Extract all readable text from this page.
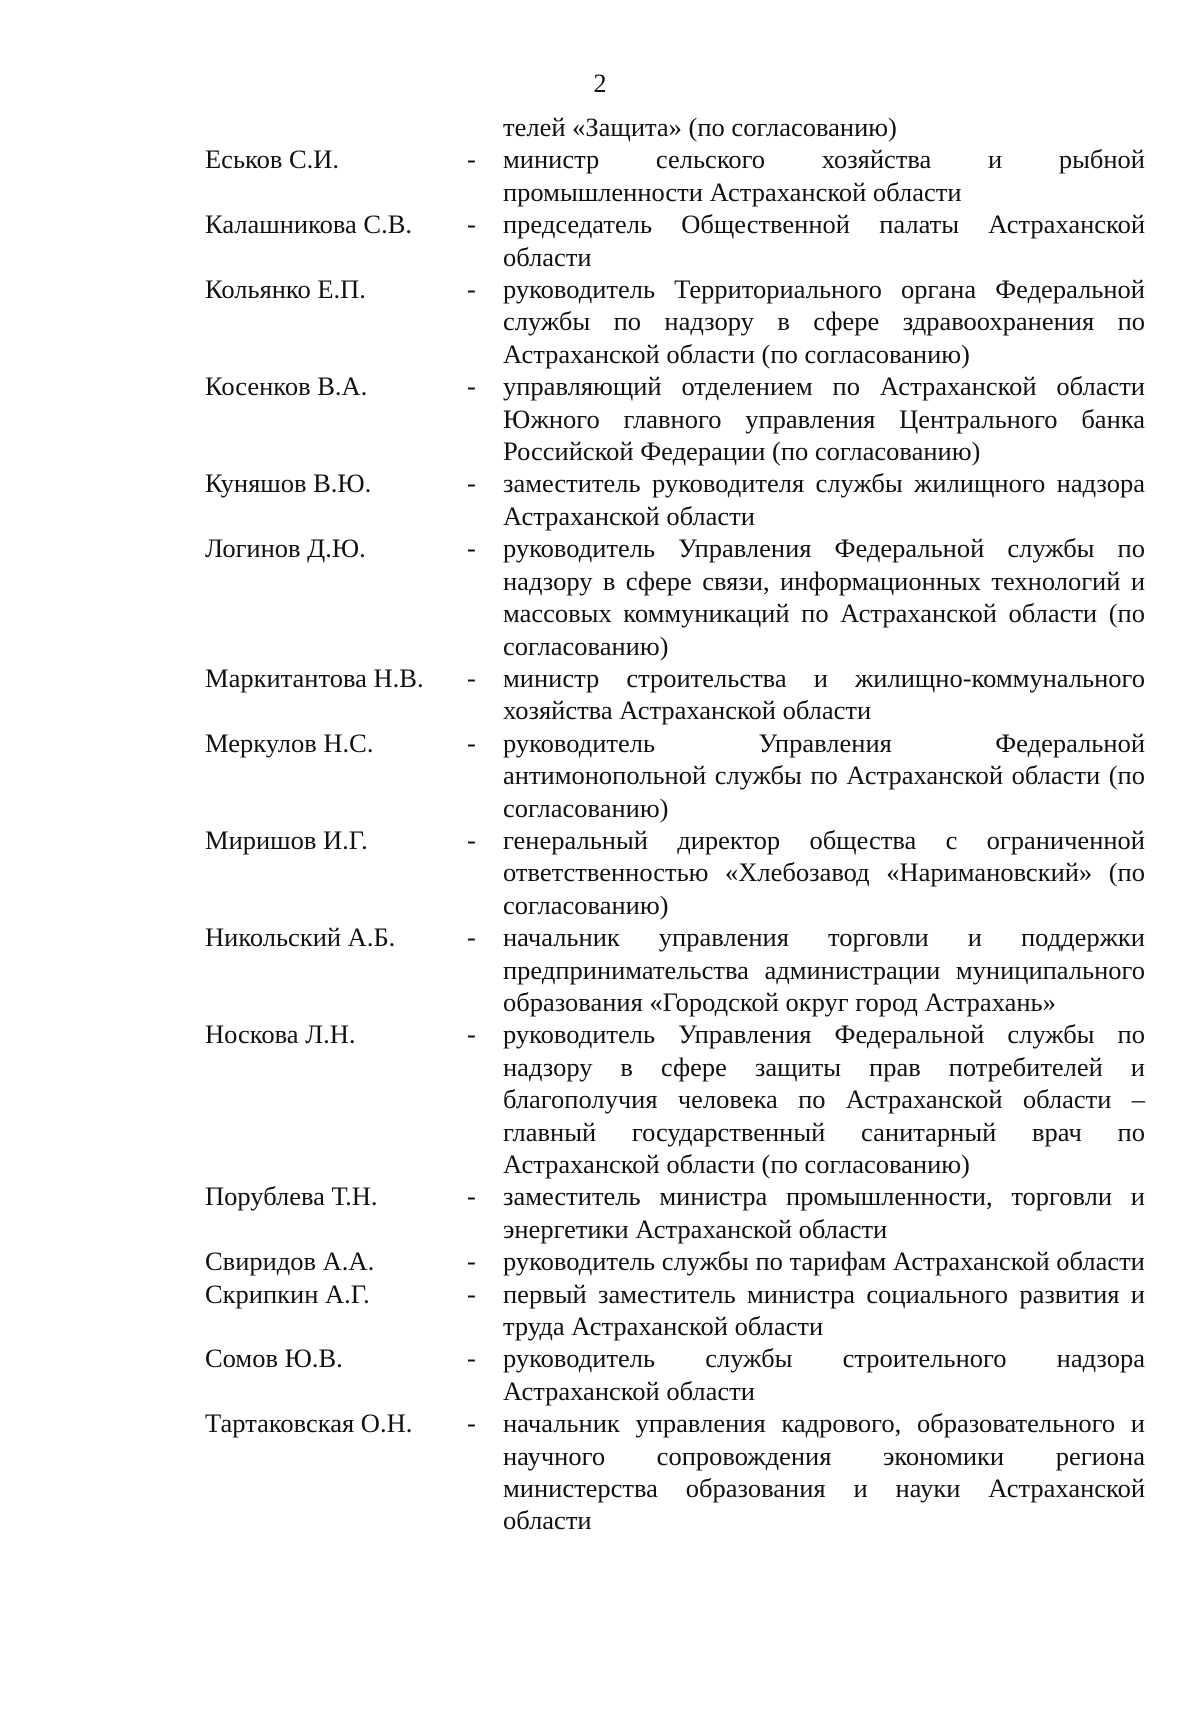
2
телей «Защита» (по согласованию)
Еськов С.И.	-	министр сельского хозяйства и рыбной промышленности Астраханской области
Калашникова С.В.	-	председатель Общественной палаты Астраханской области
Кольянко Е.П.	-	руководитель Территориального органа Федеральной службы по надзору в сфере здравоохранения по Астраханской области (по согласованию)
Косенков В.А.	-	управляющий отделением по Астраханской области Южного главного управления Центрального банка Российской Федерации (по согласованию)
Куняшов В.Ю.	-	заместитель руководителя службы жилищного надзора Астраханской области
Логинов Д.Ю.	-	руководитель Управления Федеральной службы по надзору в сфере связи, информационных технологий и массовых коммуникаций по Астраханской области (по согласованию)
Маркитантова Н.В.	-	министр строительства и жилищно-коммунального хозяйства Астраханской области
Меркулов Н.С.	-	руководитель Управления Федеральной антимонопольной службы по Астраханской области (по согласованию)
Миришов И.Г.	-	генеральный директор общества с ограниченной ответственностью «Хлебозавод «Наримановский» (по согласованию)
Никольский А.Б.	-	начальник управления торговли и поддержки предпринимательства администрации муниципального образования «Городской округ город Астрахань»
Носкова Л.Н.	-	руководитель Управления Федеральной службы по надзору в сфере защиты прав потребителей и благополучия человека по Астраханской области – главный государственный санитарный врач по Астраханской области (по согласованию)
Порублева Т.Н.	-	заместитель министра промышленности, торговли и энергетики Астраханской области
Свиридов А.А.	-	руководитель службы по тарифам Астраханской области
Скрипкин А.Г.	-	первый заместитель министра социального развития и труда Астраханской области
Сомов Ю.В.	-	руководитель службы строительного надзора Астраханской области
Тартаковская О.Н.	-	начальник управления кадрового, образовательного и научного сопровождения экономики региона министерства образования и науки Астраханской области
